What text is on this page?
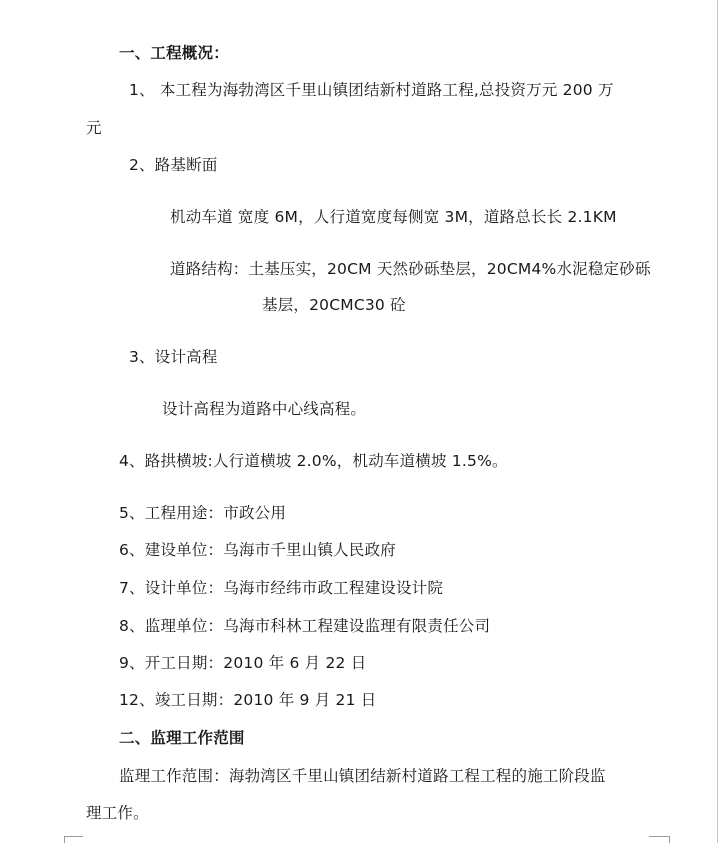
一、工程概况：
1、 本工程为海勃湾区千里山镇团结新村道路工程,总投资万元 200 万
元
2、路基断面
机动车道 宽度 6M，人行道宽度每侧宽 3M，道路总长长 2.1KM
道路结构：土基压实，20CM 天然砂砾垫层，20CM4%水泥稳定砂砾
基层，20CMC30 砼
3、设计高程
设计高程为道路中心线高程。
4、路拱横坡:人行道横坡 2.0%，机动车道横坡 1.5%。
5、工程用途：市政公用
6、建设单位：乌海市千里山镇人民政府
7、设计单位：乌海市经纬市政工程建设设计院
8、监理单位：乌海市科林工程建设监理有限责任公司
9、开工日期：2010 年 6 月 22 日
12、竣工日期：2010 年 9 月 21 日
二、监理工作范围
监理工作范围：海勃湾区千里山镇团结新村道路工程工程的施工阶段监
理工作。
